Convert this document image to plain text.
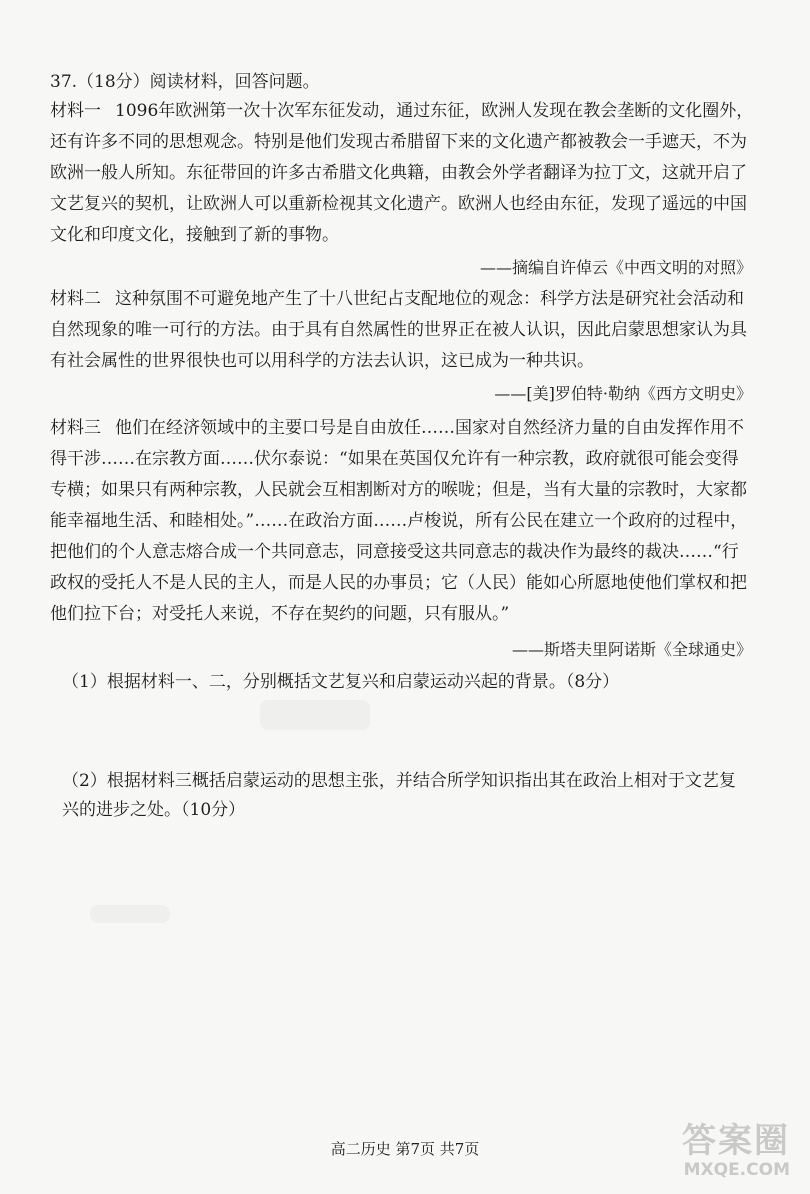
37.（18分）阅读材料，回答问题。
材料一 1096年欧洲第一次十次军东征发动，通过东征，欧洲人发现在教会垄断的文化圈外，还有许多不同的思想观念。特别是他们发现古希腊留下来的文化遗产都被教会一手遮天，不为欧洲一般人所知。东征带回的许多古希腊文化典籍，由教会外学者翻译为拉丁文，这就开启了文艺复兴的契机，让欧洲人可以重新检视其文化遗产。欧洲人也经由东征，发现了遥远的中国文化和印度文化，接触到了新的事物。
——摘编自许倬云《中西文明的对照》
材料二 这种氛围不可避免地产生了十八世纪占支配地位的观念：科学方法是研究社会活动和自然现象的唯一可行的方法。由于具有自然属性的世界正在被人认识，因此启蒙思想家认为具有社会属性的世界很快也可以用科学的方法去认识，这已成为一种共识。
——[美]罗伯特·勒纳《西方文明史》
材料三 他们在经济领域中的主要口号是自由放任……国家对自然经济力量的自由发挥作用不得干涉……在宗教方面……伏尔泰说：“如果在英国仅允许有一种宗教，政府就很可能会变得专横；如果只有两种宗教，人民就会互相割断对方的喉咙；但是，当有大量的宗教时，大家都能幸福地生活、和睦相处。”……在政治方面……卢梭说，所有公民在建立一个政府的过程中，把他们的个人意志熔合成一个共同意志，同意接受这共同意志的裁决作为最终的裁决……“行政权的受托人不是人民的主人，而是人民的办事员；它（人民）能如心所愿地使他们掌权和把他们拉下台；对受托人来说，不存在契约的问题，只有服从。”
——斯塔夫里阿诺斯《全球通史》
（1）根据材料一、二，分别概括文艺复兴和启蒙运动兴起的背景。（8分）
（2）根据材料三概括启蒙运动的思想主张，并结合所学知识指出其在政治上相对于文艺复兴的进步之处。（10分）
高二历史 第7页 共7页	答案圈
MXQE.COM
